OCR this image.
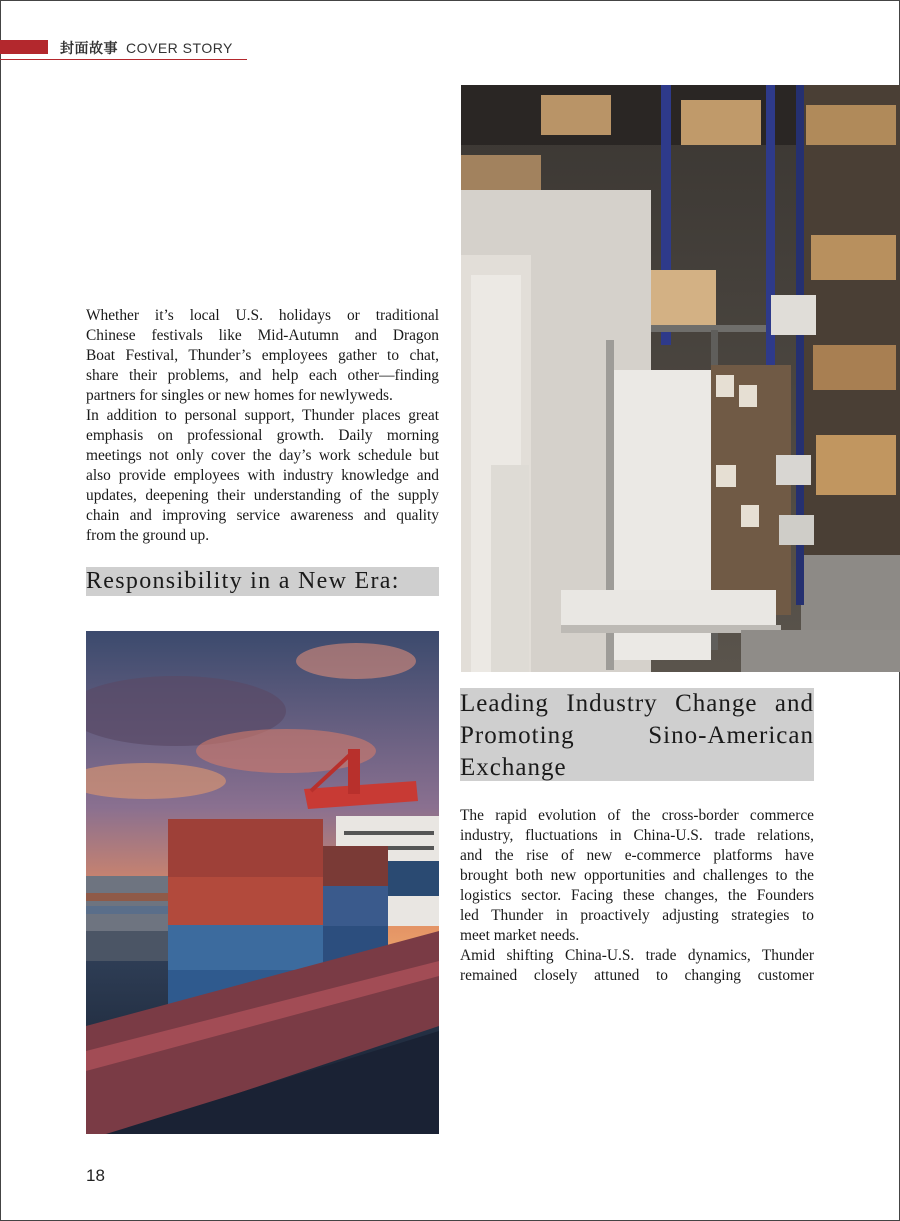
封面故事 COVER STORY
Whether it’s local U.S. holidays or traditional
Chinese festivals like Mid-Autumn and Dragon
Boat Festival, Thunder’s employees gather to chat,
share their problems, and help each other—finding
partners for singles or new homes for newlyweds.
In addition to personal support, Thunder places great
emphasis on professional growth. Daily morning
meetings not only cover the day’s work schedule but
also provide employees with industry knowledge and
updates, deepening their understanding of the supply
chain and improving service awareness and quality
from the ground up.
Responsibility in a New Era:
Leading Industry Change and
Promoting Sino-American
Exchange
The rapid evolution of the cross-border commerce
industry, fluctuations in China-U.S. trade relations,
and the rise of new e-commerce platforms have
brought both new opportunities and challenges to the
logistics sector. Facing these changes, the Founders
led Thunder in proactively adjusting strategies to
meet market needs.
Amid shifting China-U.S. trade dynamics, Thunder
remained closely attuned to changing customer
18
